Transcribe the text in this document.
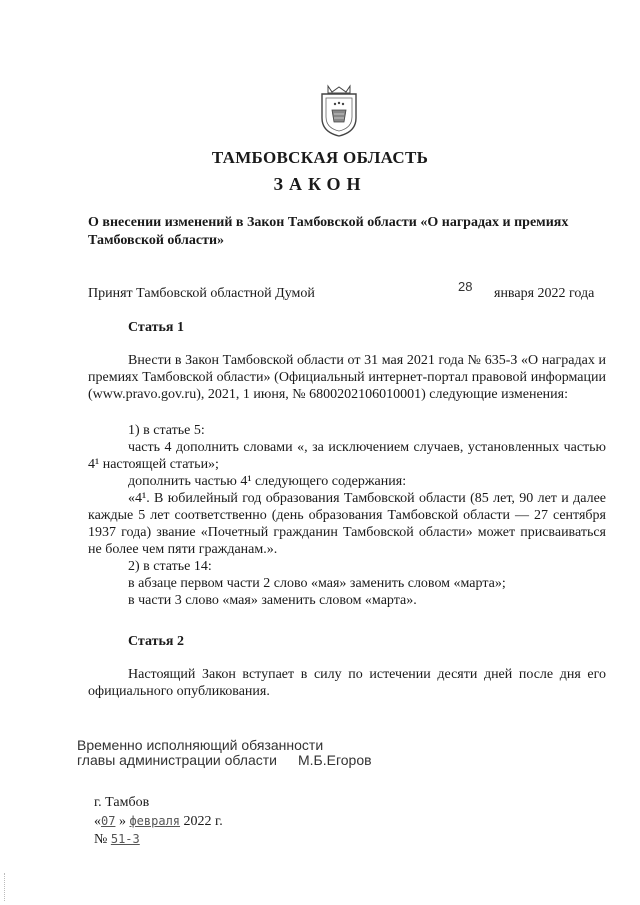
ТАМБОВСКАЯ ОБЛАСТЬ
ЗАКОН
О внесении изменений в Закон Тамбовской области «О наградах и премиях
Тамбовской области»
Принят Тамбовской областной Думой	28 января 2022 года
Статья 1
Внести в Закон Тамбовской области от 31 мая 2021 года № 635-З «О наградах и премиях Тамбовской области» (Официальный интернет-портал правовой информации (www.pravo.gov.ru), 2021, 1 июня, № 6800202106010001) следующие изменения:
1) в статье 5:
часть 4 дополнить словами «, за исключением случаев, установленных частью 4¹ настоящей статьи»;
дополнить частью 4¹ следующего содержания:
«4¹. В юбилейный год образования Тамбовской области (85 лет, 90 лет и далее каждые 5 лет соответственно (день образования Тамбовской области — 27 сентября 1937 года) звание «Почетный гражданин Тамбовской области» может присваиваться не более чем пяти гражданам.».
2) в статье 14:
в абзаце первом части 2 слово «мая» заменить словом «марта»;
в части 3 слово «мая» заменить словом «марта».
Статья 2
Настоящий Закон вступает в силу по истечении десяти дней после дня его официального опубликования.
Временно исполняющий обязанности
главы администрации области М.Б.Егоров
г. Тамбов
«07 » февраля 2022 г.
№ 51-З
